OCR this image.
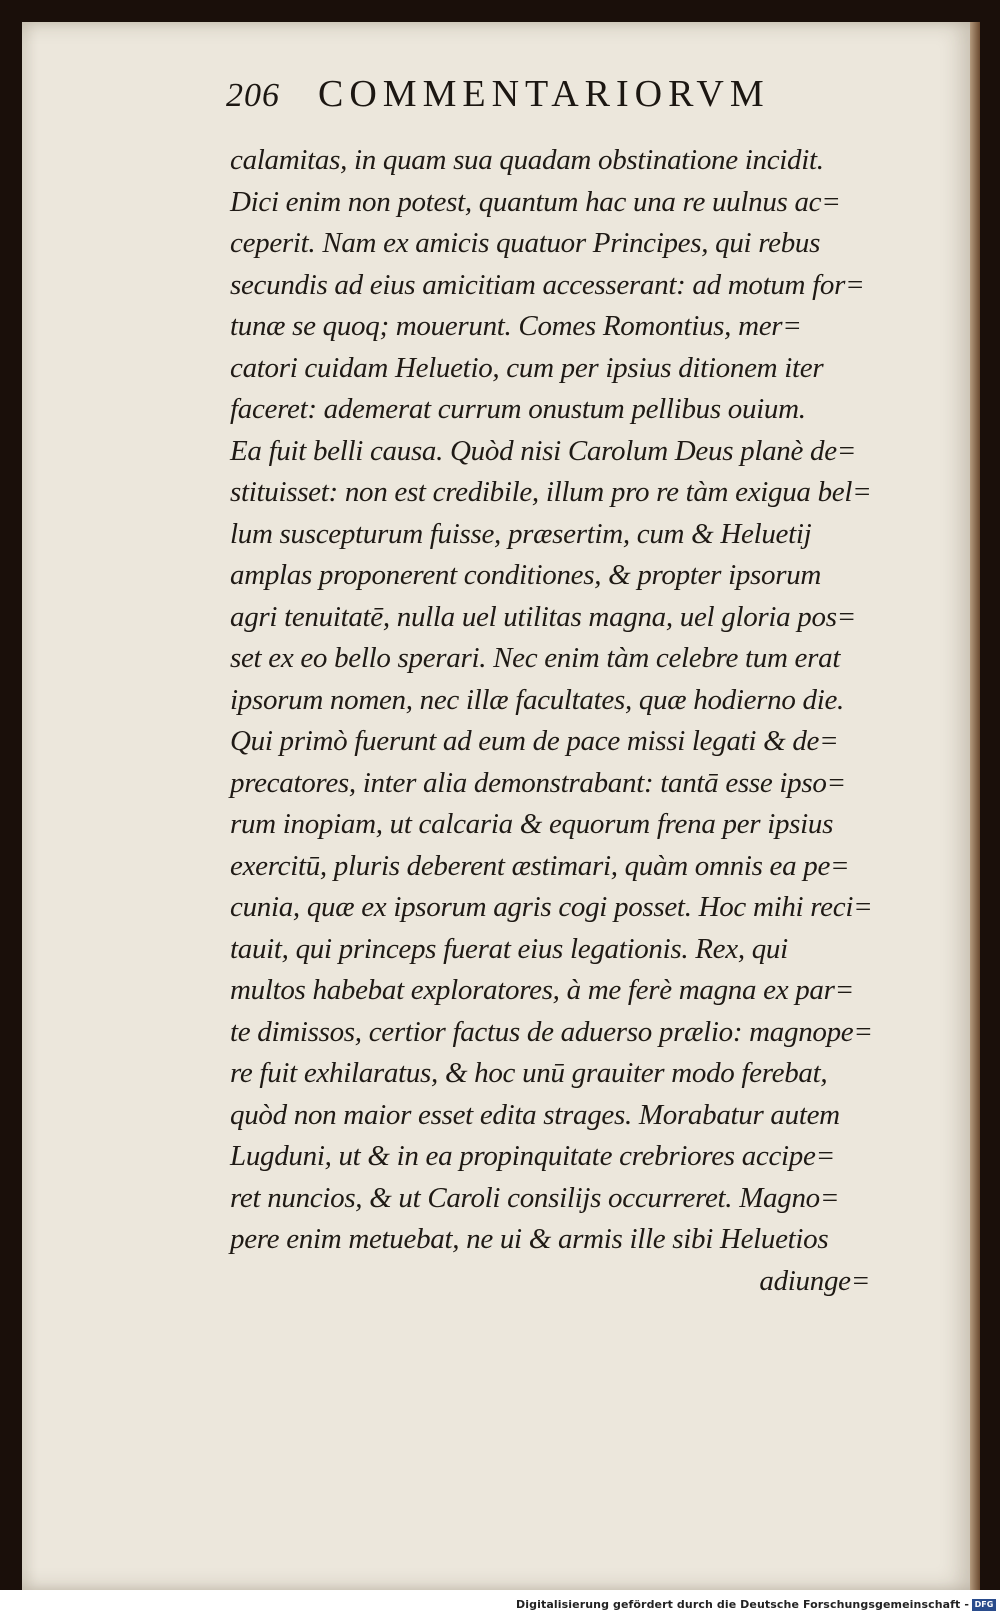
206 COMMENTARIORVM
calamitas, in quam sua quadam obstinatione incidit.
Dici enim non potest, quantum hac una re uulnus ac=
ceperit. Nam ex amicis quatuor Principes, qui rebus
secundis ad eius amicitiam accesserant: ad motum for=
tunæ se quoq; mouerunt. Comes Romontius, mer=
catori cuidam Heluetio, cum per ipsius ditionem iter
faceret: ademerat currum onustum pellibus ouium.
Ea fuit belli causa. Quòd nisi Carolum Deus planè de=
stituisset: non est credibile, illum pro re tàm exigua bel=
lum suscepturum fuisse, præsertim, cum & Heluetij
amplas proponerent conditiones, & propter ipsorum
agri tenuitatē, nulla uel utilitas magna, uel gloria pos=
set ex eo bello sperari. Nec enim tàm celebre tum erat
ipsorum nomen, nec illæ facultates, quæ hodierno die.
Qui primò fuerunt ad eum de pace missi legati & de=
precatores, inter alia demonstrabant: tantā esse ipso=
rum inopiam, ut calcaria & equorum frena per ipsius
exercitū, pluris deberent æstimari, quàm omnis ea pe=
cunia, quæ ex ipsorum agris cogi posset. Hoc mihi reci=
tauit, qui princeps fuerat eius legationis. Rex, qui
multos habebat exploratores, à me ferè magna ex par=
te dimissos, certior factus de aduerso prælio: magnope=
re fuit exhilaratus, & hoc unū grauiter modo ferebat,
quòd non maior esset edita strages. Morabatur autem
Lugduni, ut & in ea propinquitate crebriores accipe=
ret nuncios, & ut Caroli consilijs occurreret. Magno=
pere enim metuebat, ne ui & armis ille sibi Heluetios
adiunge=
Digitalisierung gefördert durch die Deutsche Forschungsgemeinschaft - DFG
